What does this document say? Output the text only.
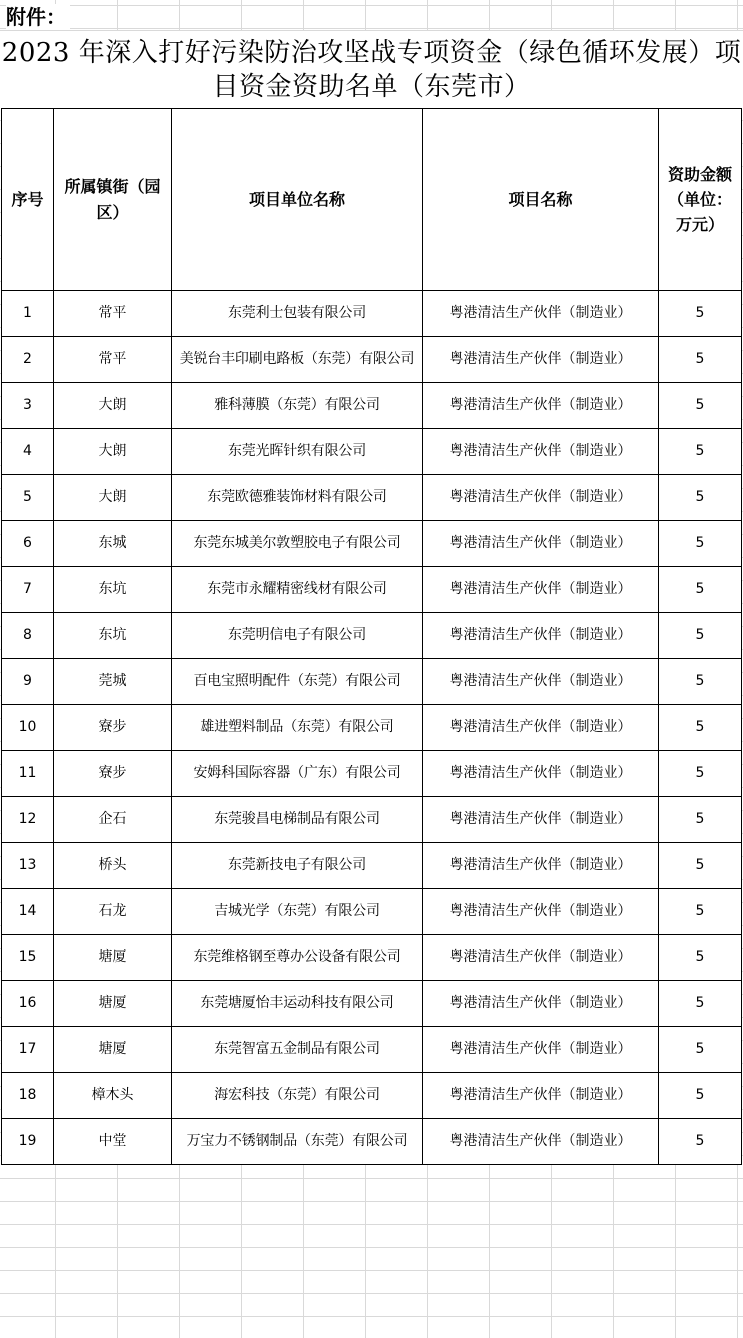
附件：
2023 年深入打好污染防治攻坚战专项资金（绿色循环发展）项目资金资助名单（东莞市）
序号	所属镇街（园区）	项目单位名称	项目名称	资助金额（单位：万元）
1	常平	东莞利士包装有限公司	粤港清洁生产伙伴（制造业）	5
2	常平	美锐台丰印刷电路板（东莞）有限公司	粤港清洁生产伙伴（制造业）	5
3	大朗	雅科薄膜（东莞）有限公司	粤港清洁生产伙伴（制造业）	5
4	大朗	东莞光晖针织有限公司	粤港清洁生产伙伴（制造业）	5
5	大朗	东莞欧德雅装饰材料有限公司	粤港清洁生产伙伴（制造业）	5
6	东城	东莞东城美尔敦塑胶电子有限公司	粤港清洁生产伙伴（制造业）	5
7	东坑	东莞市永耀精密线材有限公司	粤港清洁生产伙伴（制造业）	5
8	东坑	东莞明信电子有限公司	粤港清洁生产伙伴（制造业）	5
9	莞城	百电宝照明配件（东莞）有限公司	粤港清洁生产伙伴（制造业）	5
10	寮步	雄进塑料制品（东莞）有限公司	粤港清洁生产伙伴（制造业）	5
11	寮步	安姆科国际容器（广东）有限公司	粤港清洁生产伙伴（制造业）	5
12	企石	东莞骏昌电梯制品有限公司	粤港清洁生产伙伴（制造业）	5
13	桥头	东莞新技电子有限公司	粤港清洁生产伙伴（制造业）	5
14	石龙	吉城光学（东莞）有限公司	粤港清洁生产伙伴（制造业）	5
15	塘厦	东莞维格钢至尊办公设备有限公司	粤港清洁生产伙伴（制造业）	5
16	塘厦	东莞塘厦怡丰运动科技有限公司	粤港清洁生产伙伴（制造业）	5
17	塘厦	东莞智富五金制品有限公司	粤港清洁生产伙伴（制造业）	5
18	樟木头	海宏科技（东莞）有限公司	粤港清洁生产伙伴（制造业）	5
19	中堂	万宝力不锈钢制品（东莞）有限公司	粤港清洁生产伙伴（制造业）	5
